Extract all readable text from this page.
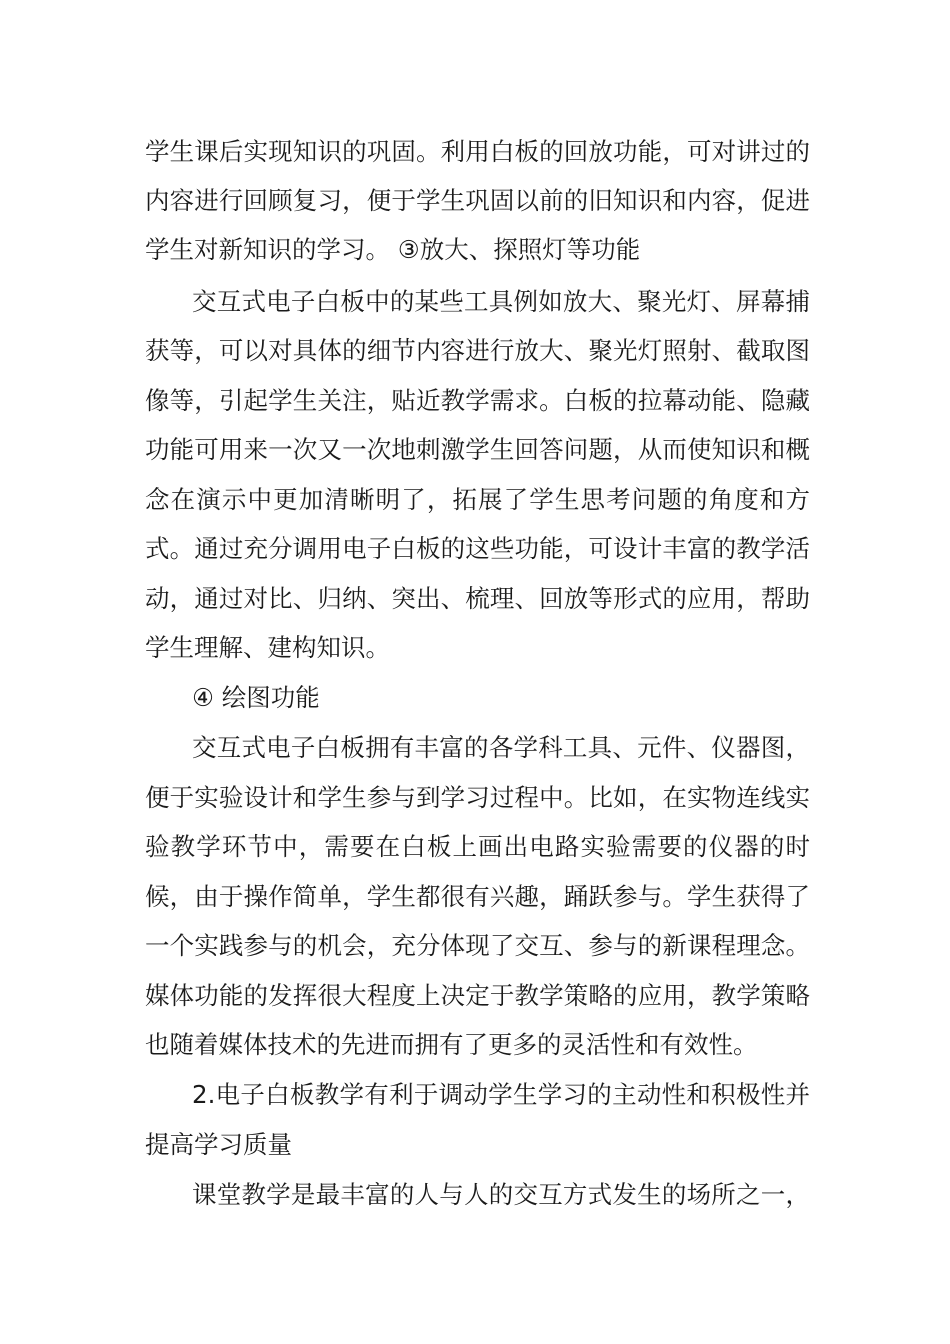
学生课后实现知识的巩固。利用白板的回放功能，可对讲过的
内容进行回顾复习，便于学生巩固以前的旧知识和内容，促进
学生对新知识的学习。 ③放大、探照灯等功能
交互式电子白板中的某些工具例如放大、聚光灯、屏幕捕
获等，可以对具体的细节内容进行放大、聚光灯照射、截取图
像等，引起学生关注，贴近教学需求。白板的拉幕动能、隐藏
功能可用来一次又一次地刺激学生回答问题，从而使知识和概
念在演示中更加清晰明了，拓展了学生思考问题的角度和方
式。通过充分调用电子白板的这些功能，可设计丰富的教学活
动，通过对比、归纳、突出、梳理、回放等形式的应用，帮助
学生理解、建构知识。
④ 绘图功能
交互式电子白板拥有丰富的各学科工具、元件、仪器图，
便于实验设计和学生参与到学习过程中。比如，在实物连线实
验教学环节中，需要在白板上画出电路实验需要的仪器的时
候，由于操作简单，学生都很有兴趣，踊跃参与。学生获得了
一个实践参与的机会，充分体现了交互、参与的新课程理念。
媒体功能的发挥很大程度上决定于教学策略的应用，教学策略
也随着媒体技术的先进而拥有了更多的灵活性和有效性。
2.电子白板教学有利于调动学生学习的主动性和积极性并
提高学习质量
课堂教学是最丰富的人与人的交互方式发生的场所之一，
